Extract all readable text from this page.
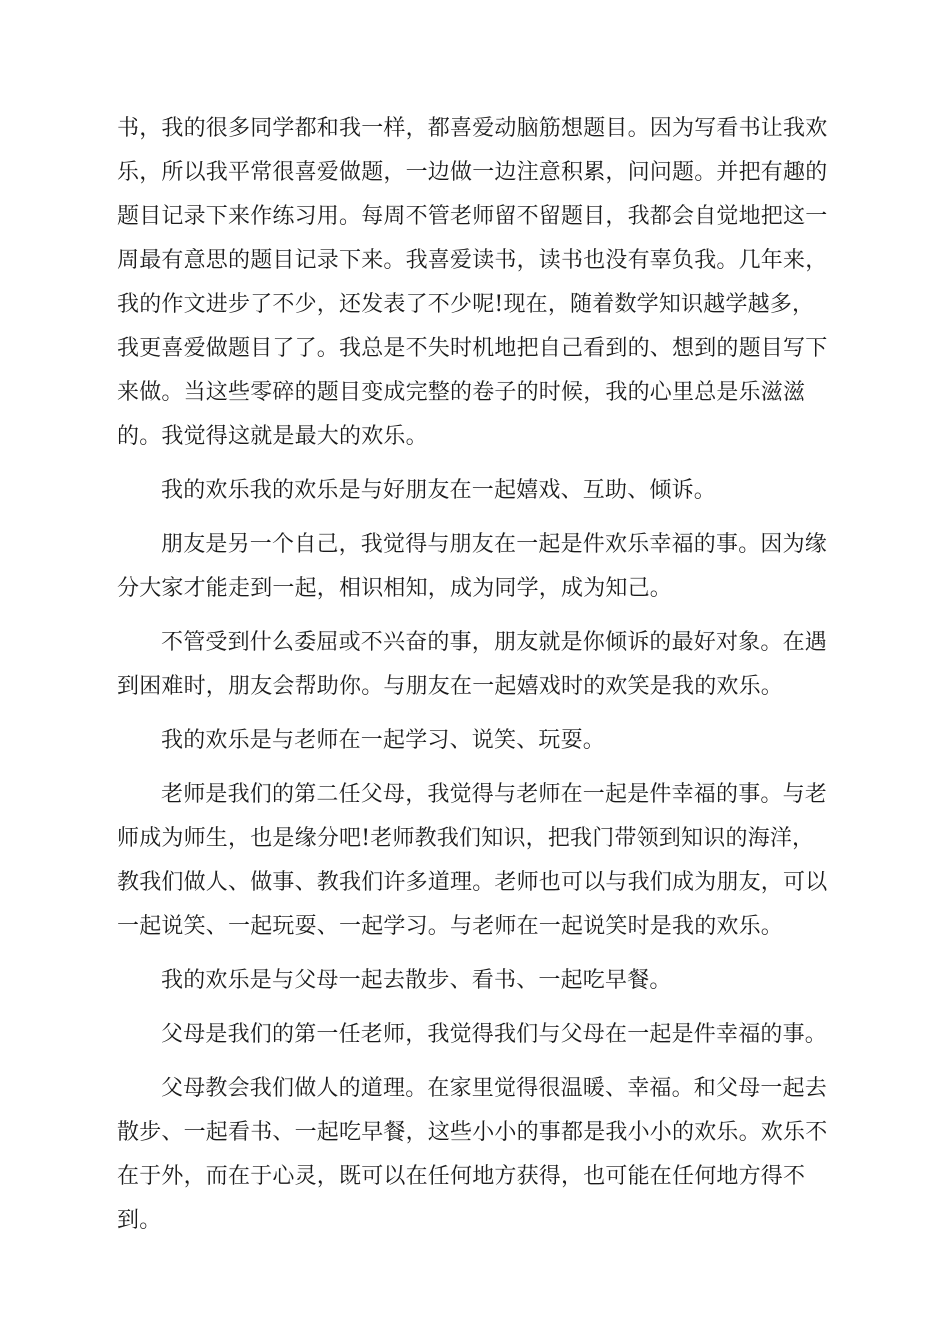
书，我的很多同学都和我一样，都喜爱动脑筋想题目。因为写看书让我欢
乐，所以我平常很喜爱做题，一边做一边注意积累，问问题。并把有趣的
题目记录下来作练习用。每周不管老师留不留题目，我都会自觉地把这一
周最有意思的题目记录下来。我喜爱读书，读书也没有辜负我。几年来，
我的作文进步了不少，还发表了不少呢!现在，随着数学知识越学越多，
我更喜爱做题目了了。我总是不失时机地把自己看到的、想到的题目写下
来做。当这些零碎的题目变成完整的卷子的时候，我的心里总是乐滋滋
的。我觉得这就是最大的欢乐。
我的欢乐我的欢乐是与好朋友在一起嬉戏、互助、倾诉。
朋友是另一个自己，我觉得与朋友在一起是件欢乐幸福的事。因为缘
分大家才能走到一起，相识相知，成为同学，成为知己。
不管受到什么委屈或不兴奋的事，朋友就是你倾诉的最好对象。在遇
到困难时，朋友会帮助你。与朋友在一起嬉戏时的欢笑是我的欢乐。
我的欢乐是与老师在一起学习、说笑、玩耍。
老师是我们的第二任父母，我觉得与老师在一起是件幸福的事。与老
师成为师生，也是缘分吧!老师教我们知识，把我门带领到知识的海洋，
教我们做人、做事、教我们许多道理。老师也可以与我们成为朋友，可以
一起说笑、一起玩耍、一起学习。与老师在一起说笑时是我的欢乐。
我的欢乐是与父母一起去散步、看书、一起吃早餐。
父母是我们的第一任老师，我觉得我们与父母在一起是件幸福的事。
父母教会我们做人的道理。在家里觉得很温暖、幸福。和父母一起去
散步、一起看书、一起吃早餐，这些小小的事都是我小小的欢乐。欢乐不
在于外，而在于心灵，既可以在任何地方获得，也可能在任何地方得不
到。
